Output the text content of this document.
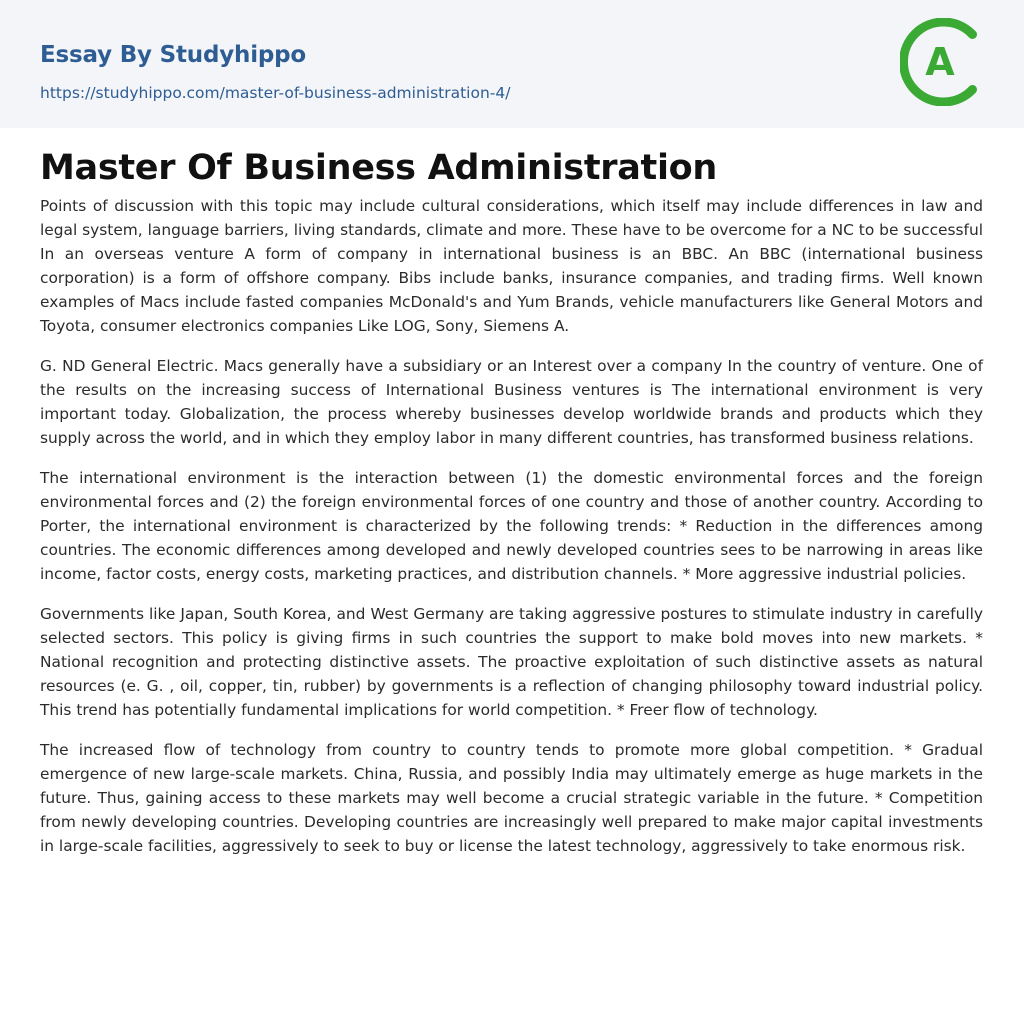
Essay By Studyhippo
https://studyhippo.com/master-of-business-administration-4/
A
Master Of Business Administration

Points of discussion with this topic may include cultural considerations, which itself may include differences in law and legal system, language barriers, living standards, climate and more. These have to be overcome for a NC to be successful In an overseas venture A form of company in international business is an BBC. An BBC (international business corporation) is a form of offshore company. Bibs include banks, insurance companies, and trading firms. Well known examples of Macs include fasted companies McDonald's and Yum Brands, vehicle manufacturers like General Motors and Toyota, consumer electronics companies Like LOG, Sony, Siemens A.

G. ND General Electric. Macs generally have a subsidiary or an Interest over a company In the country of venture. One of the results on the increasing success of International Business ventures is The international environment is very important today. Globalization, the process whereby businesses develop worldwide brands and products which they supply across the world, and in which they employ labor in many different countries, has transformed business relations.

The international environment is the interaction between (1) the domestic environmental forces and the foreign environmental forces and (2) the foreign environmental forces of one country and those of another country. According to Porter, the international environment is characterized by the following trends: * Reduction in the differences among countries. The economic differences among developed and newly developed countries sees to be narrowing in areas like income, factor costs, energy costs, marketing practices, and distribution channels. * More aggressive industrial policies.

Governments like Japan, South Korea, and West Germany are taking aggressive postures to stimulate industry in carefully selected sectors. This policy is giving firms in such countries the support to make bold moves into new markets. * National recognition and protecting distinctive assets. The proactive exploitation of such distinctive assets as natural resources (e. G. , oil, copper, tin, rubber) by governments is a reflection of changing philosophy toward industrial policy. This trend has potentially fundamental implications for world competition. * Freer flow of technology.

The increased flow of technology from country to country tends to promote more global competition. * Gradual emergence of new large-scale markets. China, Russia, and possibly India may ultimately emerge as huge markets in the future. Thus, gaining access to these markets may well become a crucial strategic variable in the future. * Competition from newly developing countries. Developing countries are increasingly well prepared to make major capital investments in large-scale facilities, aggressively to seek to buy or license the latest technology, aggressively to take enormous risk.
